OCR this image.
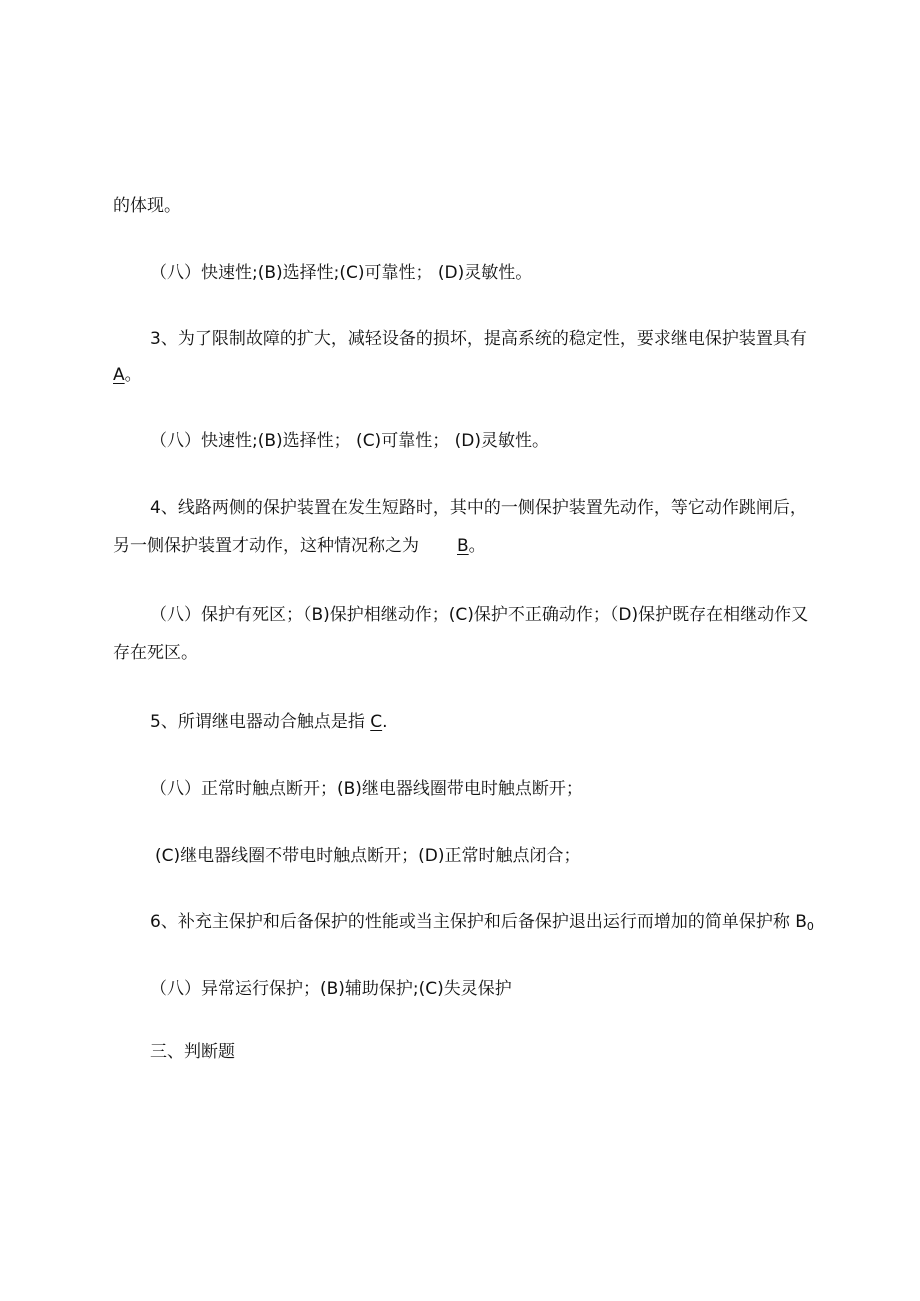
的体现。
（八）快速性;(B)选择性;(C)可靠性； (D)灵敏性。
3、为了限制故障的扩大，减轻设备的损坏，提高系统的稳定性，要求继电保护装置具有
A。
（八）快速性;(B)选择性； (C)可靠性； (D)灵敏性。
4、线路两侧的保护装置在发生短路时，其中的一侧保护装置先动作，等它动作跳闸后，
另一侧保护装置才动作，这种情况称之为 B。
（八）保护有死区；（B)保护相继动作；(C)保护不正确动作；（D)保护既存在相继动作又
存在死区。
5、所谓继电器动合触点是指 C.
（八）正常时触点断开；(B)继电器线圈带电时触点断开；
(C)继电器线圈不带电时触点断开；(D)正常时触点闭合；
6、补充主保护和后备保护的性能或当主保护和后备保护退出运行而增加的简单保护称 $B_0$
（八）异常运行保护；(B)辅助保护;(C)失灵保护
三、判断题
